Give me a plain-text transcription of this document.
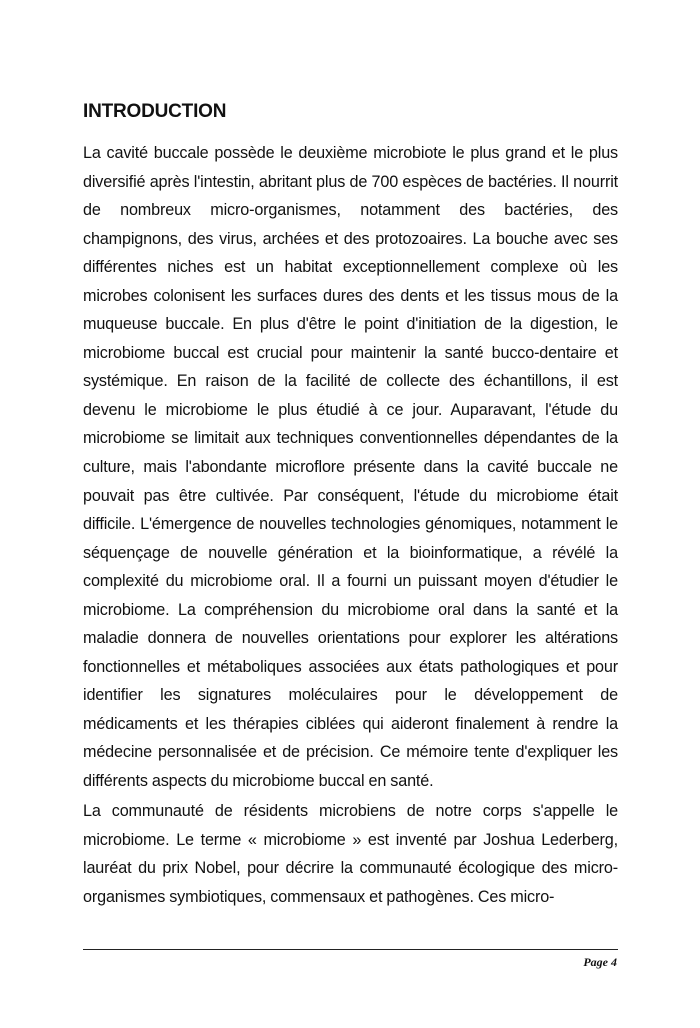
INTRODUCTION

La cavité buccale possède le deuxième microbiote le plus grand et le plus diversifié après l'intestin, abritant plus de 700 espèces de bactéries. Il nourrit de nombreux micro-organismes, notamment des bactéries, des champignons, des virus, archées et des protozoaires. La bouche avec ses différentes niches est un habitat exceptionnellement complexe où les microbes colonisent les surfaces dures des dents et les tissus mous de la muqueuse buccale. En plus d'être le point d'initiation de la digestion, le microbiome buccal est crucial pour maintenir la santé bucco-dentaire et systémique. En raison de la facilité de collecte des échantillons, il est devenu le microbiome le plus étudié à ce jour. Auparavant, l'étude du microbiome se limitait aux techniques conventionnelles dépendantes de la culture, mais l'abondante microflore présente dans la cavité buccale ne pouvait pas être cultivée. Par conséquent, l'étude du microbiome était difficile. L'émergence de nouvelles technologies génomiques, notamment le séquençage de nouvelle génération et la bioinformatique, a révélé la complexité du microbiome oral. Il a fourni un puissant moyen d'étudier le microbiome. La compréhension du microbiome oral dans la santé et la maladie donnera de nouvelles orientations pour explorer les altérations fonctionnelles et métaboliques associées aux états pathologiques et pour identifier les signatures moléculaires pour le développement de médicaments et les thérapies ciblées qui aideront finalement à rendre la médecine personnalisée et de précision. Ce mémoire tente d'expliquer les différents aspects du microbiome buccal en santé.

La communauté de résidents microbiens de notre corps s'appelle le microbiome. Le terme « microbiome » est inventé par Joshua Lederberg, lauréat du prix Nobel, pour décrire la communauté écologique des micro-organismes symbiotiques, commensaux et pathogènes. Ces micro-

Page 4
